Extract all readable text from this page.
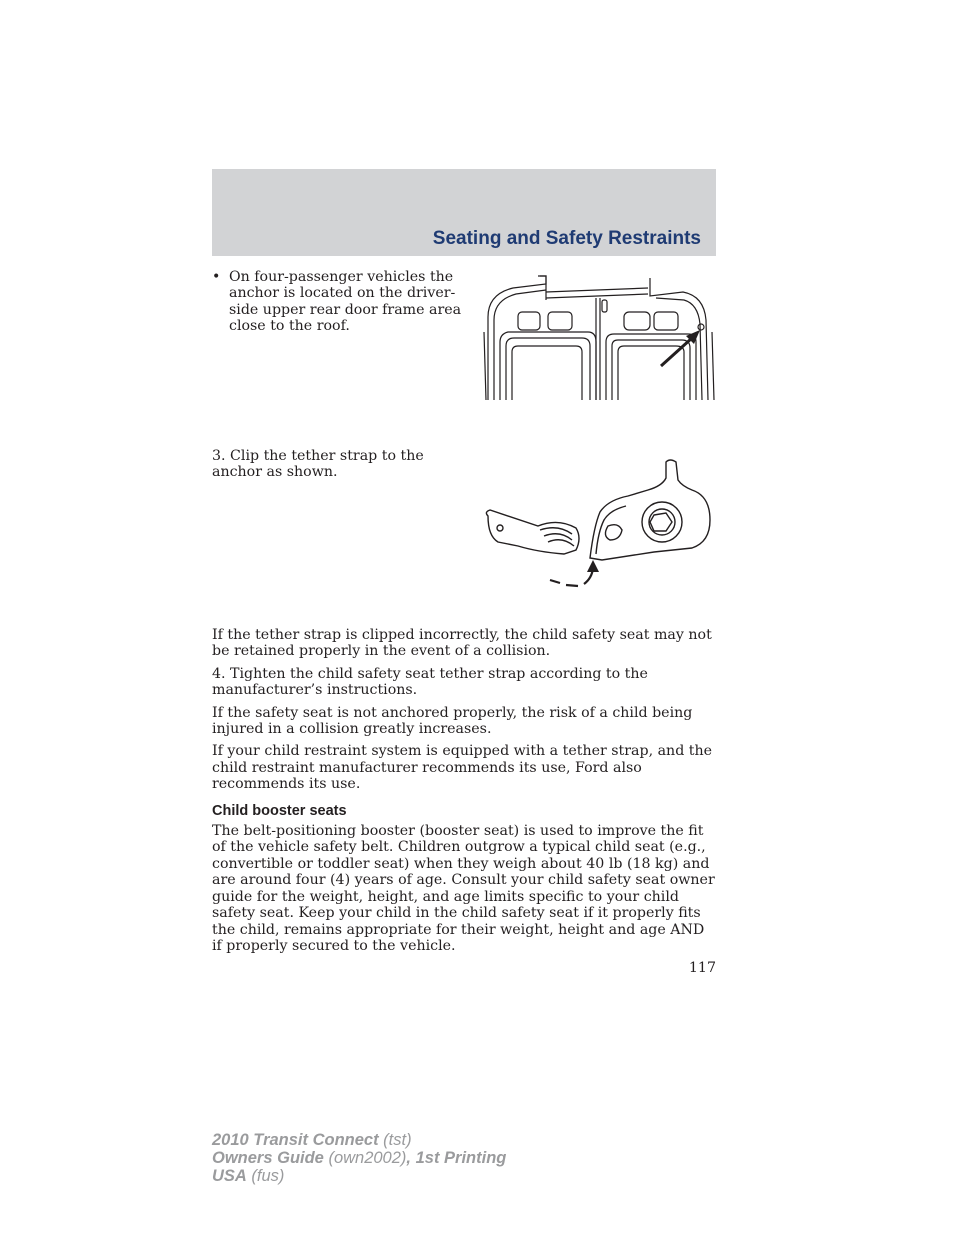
Seating and Safety Restraints
• On four-passenger vehicles the anchor is located on the driver-side upper rear door frame area close to the roof.
3. Clip the tether strap to the anchor as shown.

If the tether strap is clipped incorrectly, the child safety seat may not be retained properly in the event of a collision.

4. Tighten the child safety seat tether strap according to the manufacturer’s instructions.

If the safety seat is not anchored properly, the risk of a child being injured in a collision greatly increases.

If your child restraint system is equipped with a tether strap, and the child restraint manufacturer recommends its use, Ford also recommends its use.

Child booster seats

The belt-positioning booster (booster seat) is used to improve the fit of the vehicle safety belt. Children outgrow a typical child seat (e.g., convertible or toddler seat) when they weigh about 40 lb (18 kg) and are around four (4) years of age. Consult your child safety seat owner guide for the weight, height, and age limits specific to your child safety seat. Keep your child in the child safety seat if it properly fits the child, remains appropriate for their weight, height and age AND if properly secured to the vehicle.

117
2010 Transit Connect (tst)
Owners Guide (own2002), 1st Printing
USA (fus)
